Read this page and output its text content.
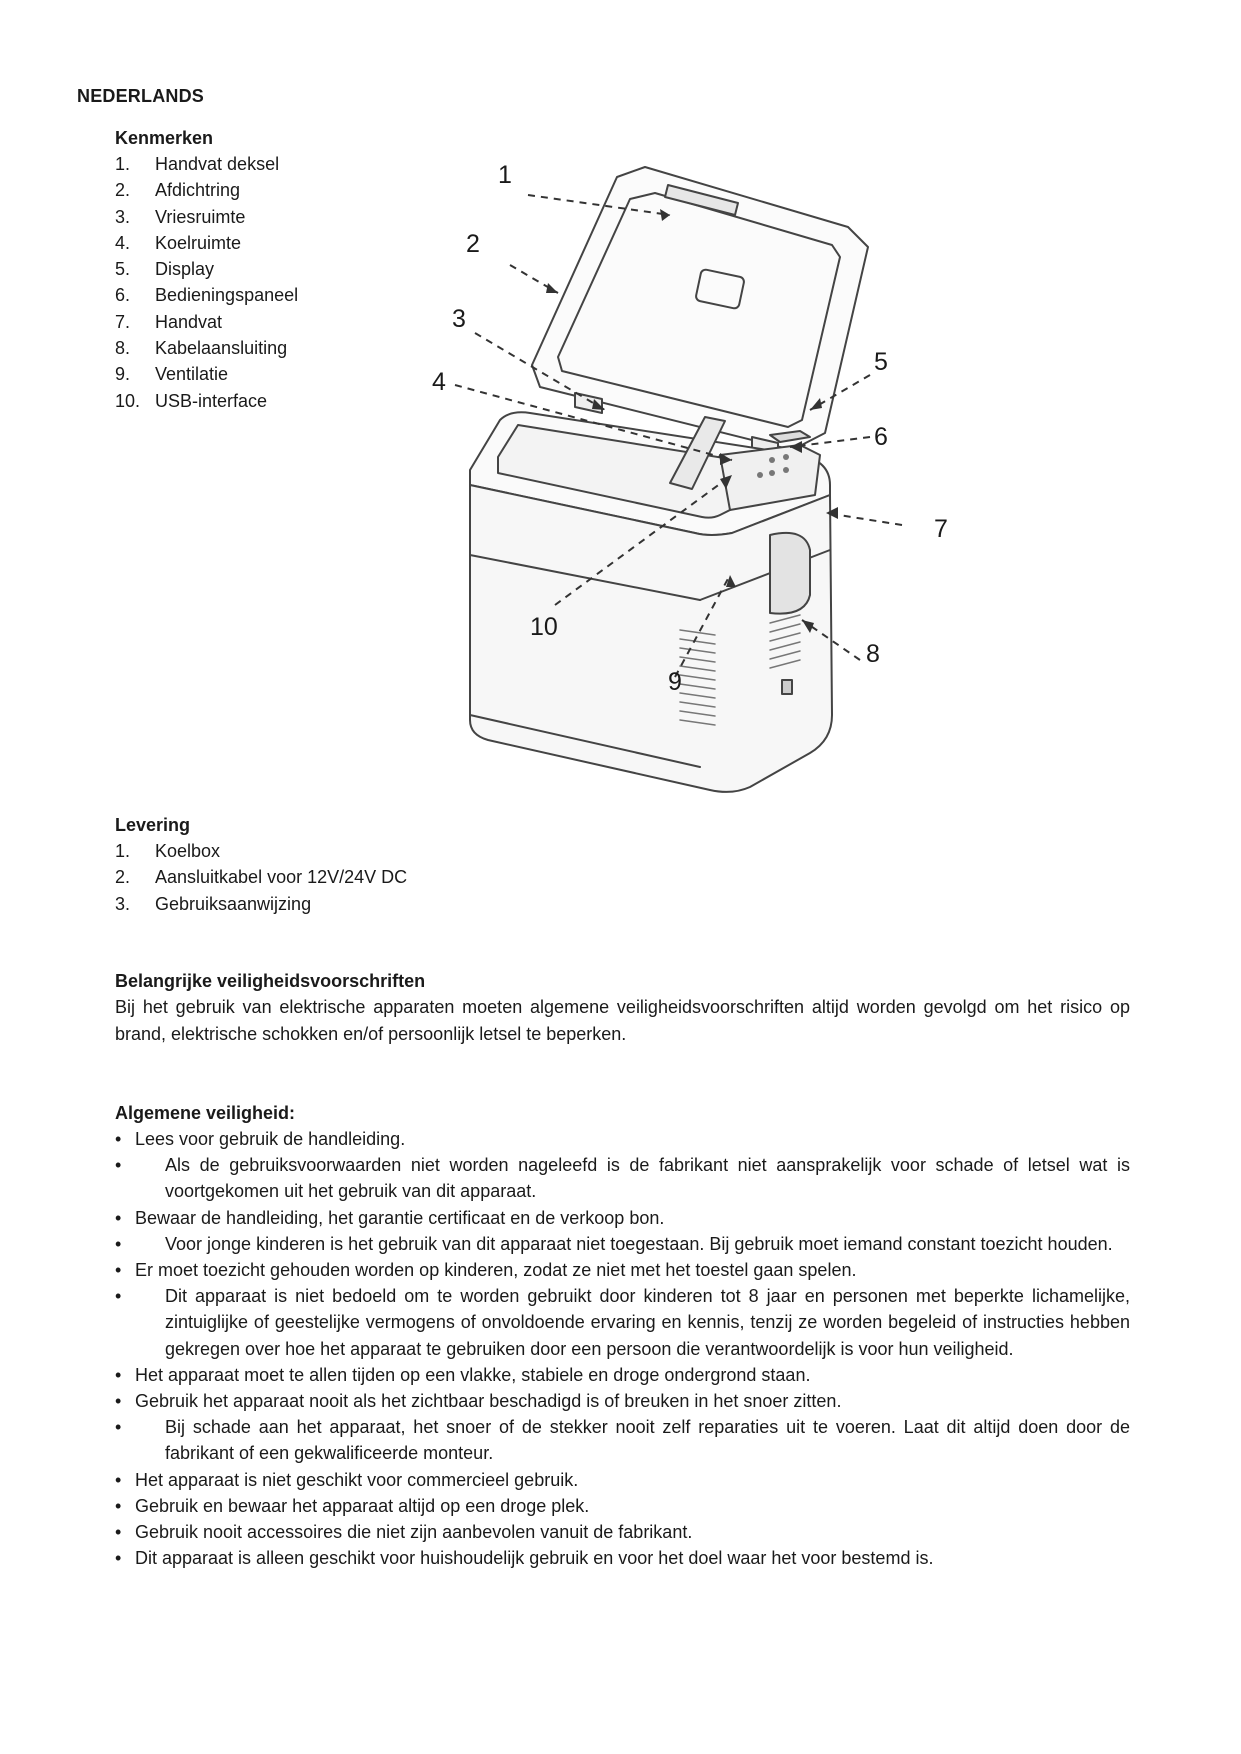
NEDERLANDS
Kenmerken
1. Handvat deksel
2. Afdichtring
3. Vriesruimte
4. Koelruimte
5. Display
6. Bedieningspaneel
7. Handvat
8. Kabelaansluiting
9. Ventilatie
10. USB-interface
1
2
3
4
5
6
7
8
9
10
Levering
1. Koelbox
2. Aansluitkabel voor 12V/24V DC
3. Gebruiksaanwijzing
Belangrijke veiligheidsvoorschriften

Bij het gebruik van elektrische apparaten moeten algemene veiligheidsvoorschriften altijd worden gevolgd om het risico op brand, elektrische schokken en/of persoonlijk letsel te beperken.

Algemene veiligheid:
• Lees voor gebruik de handleiding.
• Als de gebruiksvoorwaarden niet worden nageleefd is de fabrikant niet aansprakelijk voor schade of letsel wat is voortgekomen uit het gebruik van dit apparaat.
• Bewaar de handleiding, het garantie certificaat en de verkoop bon.
• Voor jonge kinderen is het gebruik van dit apparaat niet toegestaan. Bij gebruik moet iemand constant toezicht houden.
• Er moet toezicht gehouden worden op kinderen, zodat ze niet met het toestel gaan spelen.
• Dit apparaat is niet bedoeld om te worden gebruikt door kinderen tot 8 jaar en personen met beperkte lichamelijke, zintuiglijke of geestelijke vermogens of onvoldoende ervaring en kennis, tenzij ze worden begeleid of instructies hebben gekregen over hoe het apparaat te gebruiken door een persoon die verantwoordelijk is voor hun veiligheid.
• Het apparaat moet te allen tijden op een vlakke, stabiele en droge ondergrond staan.
• Gebruik het apparaat nooit als het zichtbaar beschadigd is of breuken in het snoer zitten.
• Bij schade aan het apparaat, het snoer of de stekker nooit zelf reparaties uit te voeren. Laat dit altijd doen door de fabrikant of een gekwalificeerde monteur.
• Het apparaat is niet geschikt voor commercieel gebruik.
• Gebruik en bewaar het apparaat altijd op een droge plek.
• Gebruik nooit accessoires die niet zijn aanbevolen vanuit de fabrikant.
• Dit apparaat is alleen geschikt voor huishoudelijk gebruik en voor het doel waar het voor bestemd is.
